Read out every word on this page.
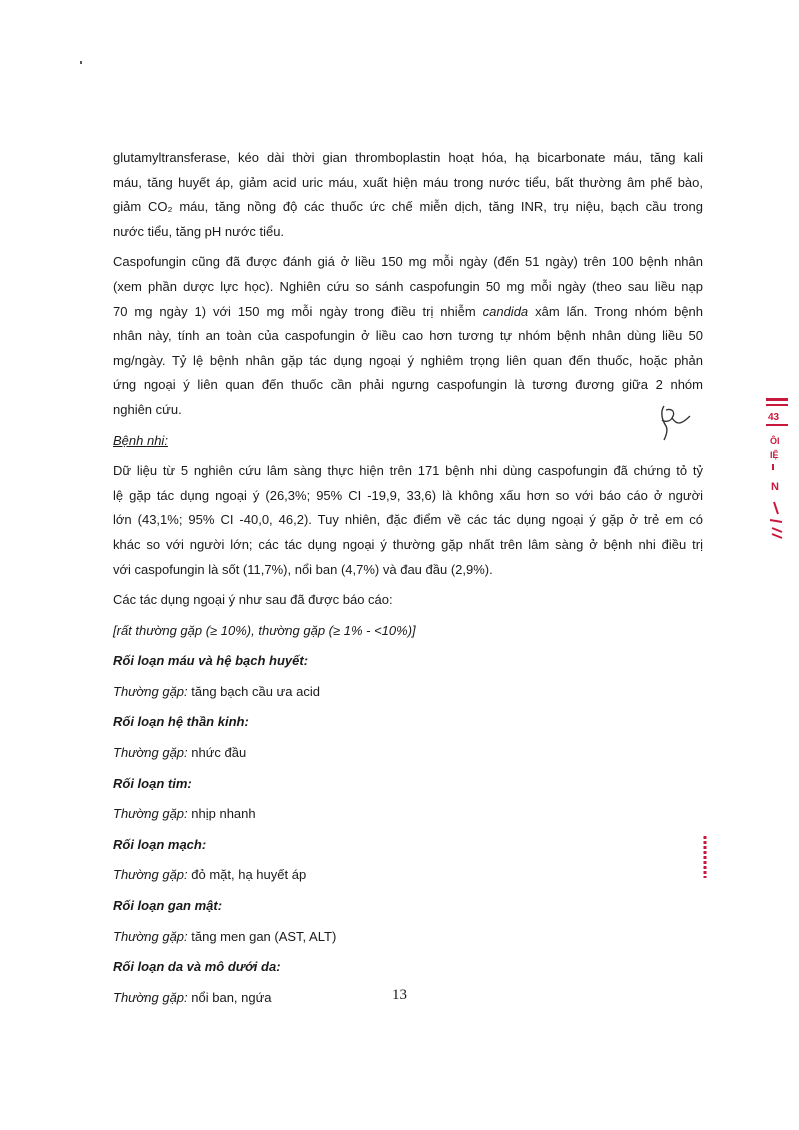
glutamyltransferase, kéo dài thời gian thromboplastin hoạt hóa, hạ bicarbonate máu, tăng kali
máu, tăng huyết áp, giảm acid uric máu, xuất hiện máu trong nước tiểu, bất thường âm phế bào,
giảm CO₂ máu, tăng nồng độ các thuốc ức chế miễn dịch, tăng INR, trụ niệu, bạch cầu trong
nước tiểu, tăng pH nước tiểu.
Caspofungin cũng đã được đánh giá ở liều 150 mg mỗi ngày (đến 51 ngày) trên 100 bệnh nhân
(xem phần dược lực học). Nghiên cứu so sánh caspofungin 50 mg mỗi ngày (theo sau liều nạp
70 mg ngày 1) với 150 mg mỗi ngày trong điều trị nhiễm candida xâm lấn. Trong nhóm bệnh
nhân này, tính an toàn của caspofungin ở liều cao hơn tương tự nhóm bệnh nhân dùng liều 50
mg/ngày. Tỷ lệ bệnh nhân gặp tác dụng ngoại ý nghiêm trọng liên quan đến thuốc, hoặc phản
ứng ngoại ý liên quan đến thuốc cần phải ngưng caspofungin là tương đương giữa 2 nhóm
nghiên cứu.
Bệnh nhi:
Dữ liệu từ 5 nghiên cứu lâm sàng thực hiện trên 171 bệnh nhi dùng caspofungin đã chứng tỏ tỷ
lệ gặp tác dụng ngoại ý (26,3%; 95% CI -19,9, 33,6) là không xấu hơn so với báo cáo ở người
lớn (43,1%; 95% CI -40,0, 46,2). Tuy nhiên, đặc điểm về các tác dụng ngoại ý gặp ở trẻ em có
khác so với người lớn; các tác dụng ngoại ý thường gặp nhất trên lâm sàng ở bệnh nhi điều trị
với caspofungin là sốt (11,7%), nổi ban (4,7%) và đau đầu (2,9%).
Các tác dụng ngoại ý như sau đã được báo cáo:
[rất thường gặp (≥ 10%), thường gặp (≥ 1% - <10%)]
Rối loạn máu và hệ bạch huyết:
Thường gặp: tăng bạch cầu ưa acid
Rối loạn hệ thần kinh:
Thường gặp: nhức đầu
Rối loạn tim:
Thường gặp: nhịp nhanh
Rối loạn mạch:
Thường gặp: đỏ mặt, hạ huyết áp
Rối loạn gan mật:
Thường gặp: tăng men gan (AST, ALT)
Rối loạn da và mô dưới da:
Thường gặp: nổi ban, ngứa	13
43
ÔI
IỆ
N
